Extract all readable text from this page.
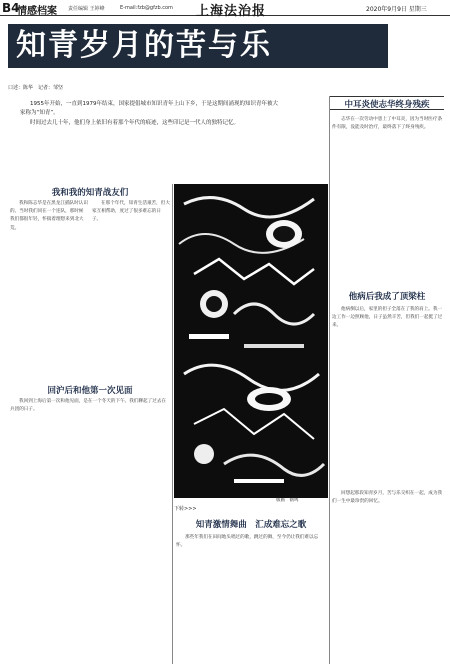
B4
情感档案 责任编辑 王婷峰	E-mail:fzb@gfzb.com 上海法治报	2020年9月9日 星期三
知青岁月的苦与乐
口述：陈华　记者：邹坚

1955年开始，一直到1979年结束，国家提倡城市知识青年上山下乡，于是这期间涌现的知识青年被大家称为“知青”。

时间过去几十年，他们身上依旧有着那个年代的痕迹，这些印记是一代人的独特记忆。

我和我的知青战友们
我和陈志华是在黑龙江插队时认识的。当时我们同在一个连队，那时候我们都很年轻，怀揣着理想来到北大荒。
在那个年代，知青生活艰苦，但大家互相帮助，度过了很多难忘的日子。
回沪后和他第一次见面
我回到上海后第一次和他见面，是在一个冬天的下午。我们聊起了过去在兵团的日子。
版画　鹤鸣
中耳炎使志华终身残疾
志华在一次劳动中患上了中耳炎，因为当时医疗条件有限，没能及时治疗，最终落下了终身残疾。
他病后我成了顶梁柱
他病倒以后，家里的担子全落在了我的肩上。我一边工作一边照顾他，日子虽然辛苦，但我们一起挺了过来。
回想起那段知青岁月，苦与乐交织在一起，成为我们一生中最珍贵的回忆。
下转>>>
知青激情舞曲　汇成难忘之歌
那些年我们在田间地头唱过的歌，跳过的舞，至今仍让我们难以忘怀。
